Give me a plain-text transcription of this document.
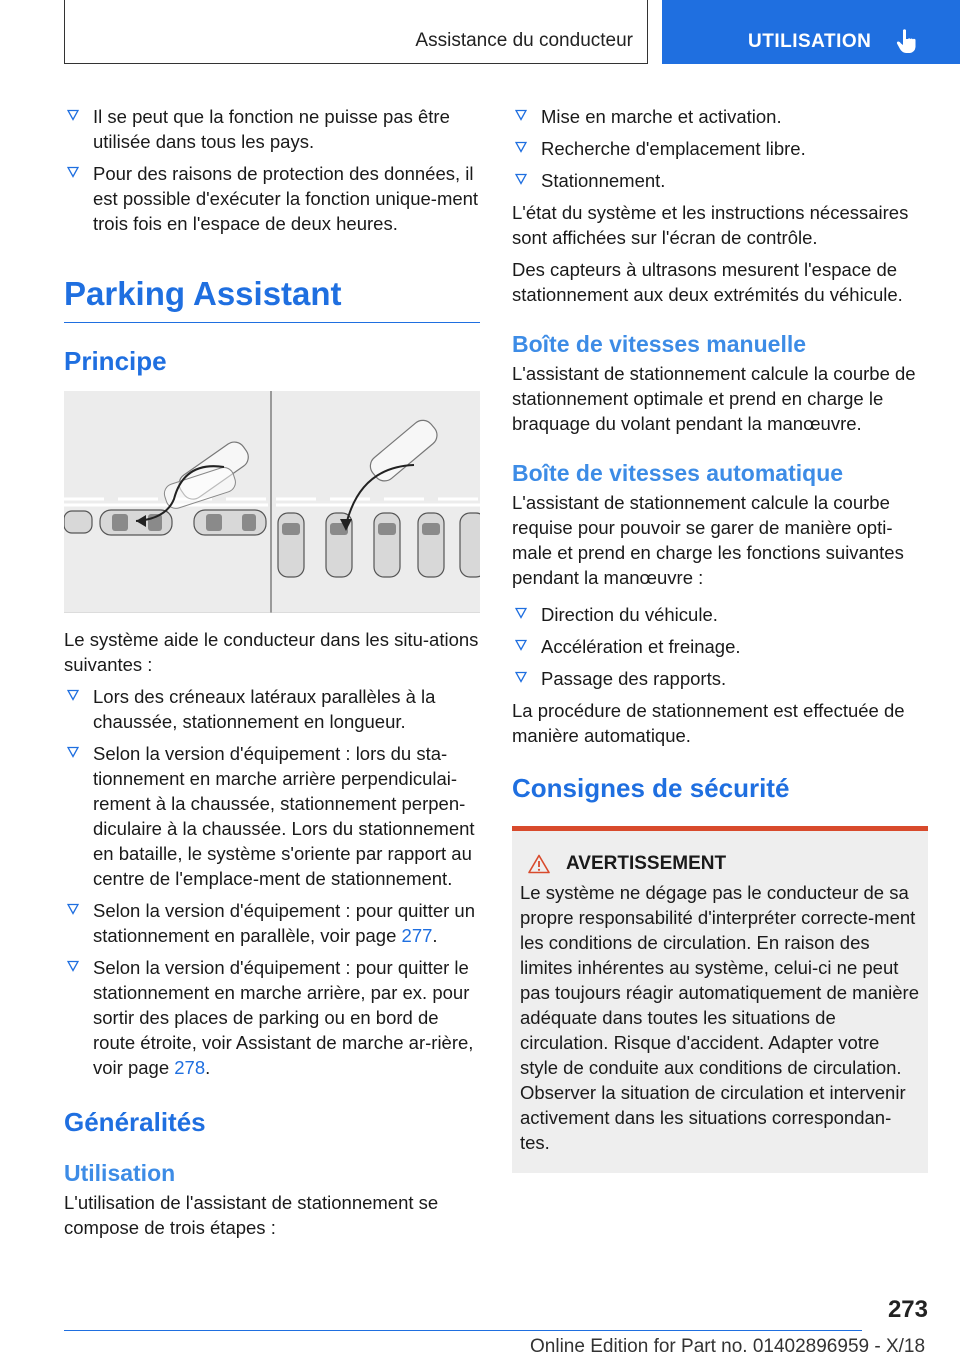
Assistance du conducteur	UTILISATION
Il se peut que la fonction ne puisse pas être utilisée dans tous les pays.
Pour des raisons de protection des données, il est possible d'exécuter la fonction unique-ment trois fois en l'espace de deux heures.
Parking Assistant
Principe

Le système aide le conducteur dans les situ-ations suivantes :

Lors des créneaux latéraux parallèles à la chaussée, stationnement en longueur.
Selon la version d'équipement : lors du sta-tionnement en marche arrière perpendiculai-rement à la chaussée, stationnement perpen-diculaire à la chaussée. Lors du stationnement en bataille, le système s'oriente par rapport au centre de l'emplace-ment de stationnement.
Selon la version d'équipement : pour quitter un stationnement en parallèle, voir page 277.
Selon la version d'équipement : pour quitter le stationnement en marche arrière, par ex. pour sortir des places de parking ou en bord de route étroite, voir Assistant de marche ar-rière, voir page 278.
Généralités
Utilisation

L'utilisation de l'assistant de stationnement se compose de trois étapes :

Mise en marche et activation.
Recherche d'emplacement libre.
Stationnement.

L'état du système et les instructions nécessaires sont affichées sur l'écran de contrôle.

Des capteurs à ultrasons mesurent l'espace de stationnement aux deux extrémités du véhicule.

Boîte de vitesses manuelle

L'assistant de stationnement calcule la courbe de stationnement optimale et prend en charge le braquage du volant pendant la manœuvre.

Boîte de vitesses automatique

L'assistant de stationnement calcule la courbe requise pour pouvoir se garer de manière opti-male et prend en charge les fonctions suivantes pendant la manœuvre :

Direction du véhicule.
Accélération et freinage.
Passage des rapports.

La procédure de stationnement est effectuée de manière automatique.

Consignes de sécurité
AVERTISSEMENT
Le système ne dégage pas le conducteur de sa propre responsabilité d'interpréter correcte-ment les conditions de circulation. En raison des limites inhérentes au système, celui-ci ne peut pas toujours réagir automatiquement de manière adéquate dans toutes les situations de circulation. Risque d'accident. Adapter votre style de conduite aux conditions de circulation. Observer la situation de circulation et intervenir activement dans les situations correspondan-tes.
273
Online Edition for Part no. 01402896959 - X/18
